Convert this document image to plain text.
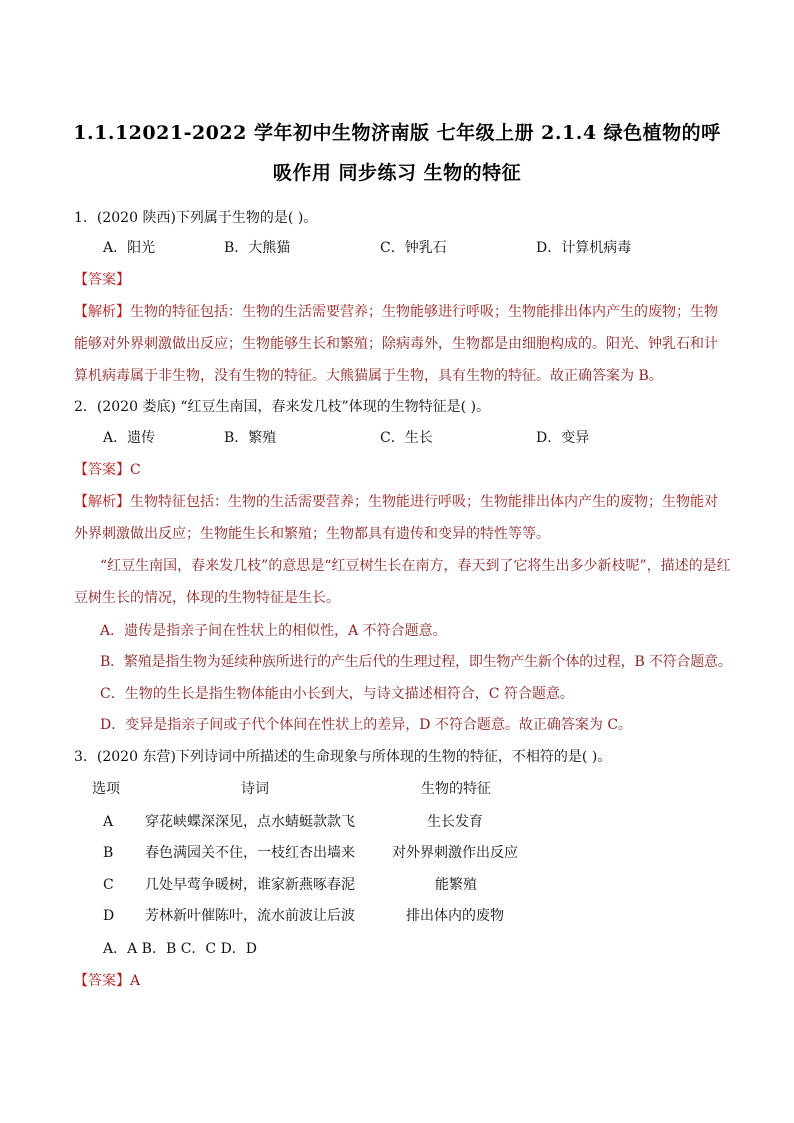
1.1.12021-2022 学年初中生物济南版 七年级上册 2.1.4 绿色植物的呼
吸作用 同步练习 生物的特征
1．(2020 陕西)下列属于生物的是( )。
A．阳光	B．大熊猫	C．钟乳石	D．计算机病毒
【答案】
【解析】生物的特征包括：生物的生活需要营养；生物能够进行呼吸；生物能排出体内产生的废物；生物
能够对外界刺激做出反应；生物能够生长和繁殖；除病毒外，生物都是由细胞构成的。阳光、钟乳石和计
算机病毒属于非生物，没有生物的特征。大熊猫属于生物，具有生物的特征。故正确答案为 B。
2．(2020 娄底) “红豆生南国，春来发几枝”体现的生物特征是( )。
A．遗传	B．繁殖	C．生长	D．变异
【答案】C
【解析】生物特征包括：生物的生活需要营养；生物能进行呼吸；生物能排出体内产生的废物；生物能对
外界刺激做出反应；生物能生长和繁殖；生物都具有遗传和变异的特性等等。
“红豆生南国，春来发几枝”的意思是“红豆树生长在南方，春天到了它将生出多少新枝呢”，描述的是红
豆树生长的情况，体现的生物特征是生长。
A．遗传是指亲子间在性状上的相似性，A 不符合题意。
B．繁殖是指生物为延续种族所进行的产生后代的生理过程，即生物产生新个体的过程，B 不符合题意。
C．生物的生长是指生物体能由小长到大，与诗文描述相符合，C 符合题意。
D．变异是指亲子间或子代个体间在性状上的差异，D 不符合题意。故正确答案为 C。
3．(2020 东营)下列诗词中所描述的生命现象与所体现的生物的特征，不相符的是( )。
选项	诗词	生物的特征
A 穿花峡蝶深深见，点水蜻蜓款款飞	生长发育
B 春色满园关不住，一枝红杏出墙来	对外界刺激作出反应
C 几处早莺争暖树，谁家新燕啄春泥	能繁殖
D 芳林新叶催陈叶，流水前波让后波	排出体内的废物
A．A B．B C．C D．D
【答案】A
